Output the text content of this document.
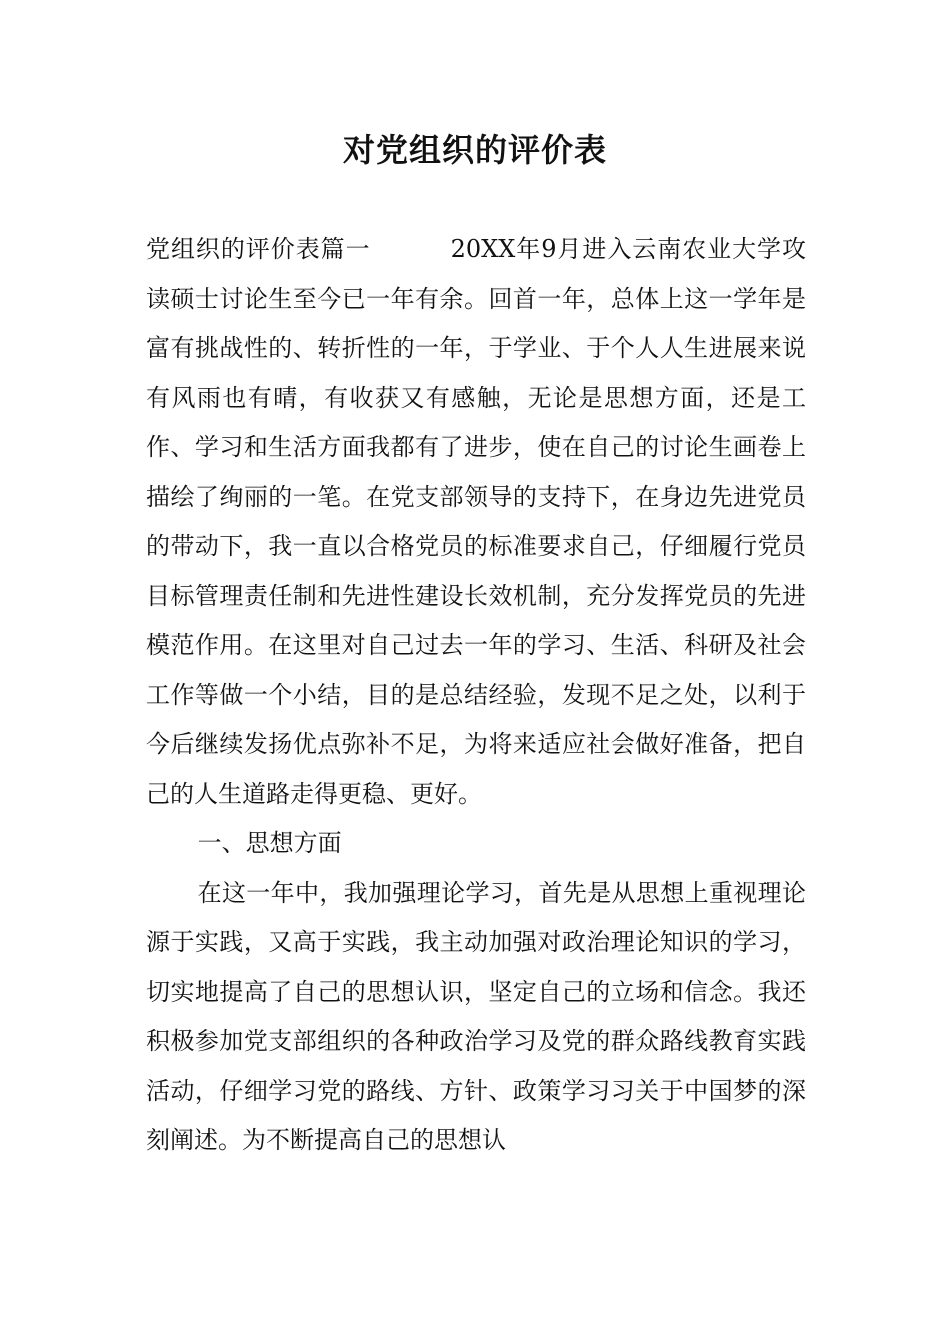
对党组织的评价表

党组织的评价表篇一	20XX年9月进入云南农业大学攻读硕士讨论生至今已一年有余。回首一年，总体上这一学年是富有挑战性的、转折性的一年，于学业、于个人人生进展来说有风雨也有晴，有收获又有感触，无论是思想方面，还是工作、学习和生活方面我都有了进步，使在自己的讨论生画卷上描绘了绚丽的一笔。在党支部领导的支持下，在身边先进党员的带动下，我一直以合格党员的标准要求自己，仔细履行党员目标管理责任制和先进性建设长效机制，充分发挥党员的先进模范作用。在这里对自己过去一年的学习、生活、科研及社会工作等做一个小结，目的是总结经验，发现不足之处，以利于今后继续发扬优点弥补不足，为将来适应社会做好准备，把自己的人生道路走得更稳、更好。

一、思想方面

在这一年中，我加强理论学习，首先是从思想上重视理论源于实践，又高于实践，我主动加强对政治理论知识的学习，切实地提高了自己的思想认识，坚定自己的立场和信念。我还积极参加党支部组织的各种政治学习及党的群众路线教育实践活动，仔细学习党的路线、方针、政策学习习关于中国梦的深刻阐述。为不断提高自己的思想认
